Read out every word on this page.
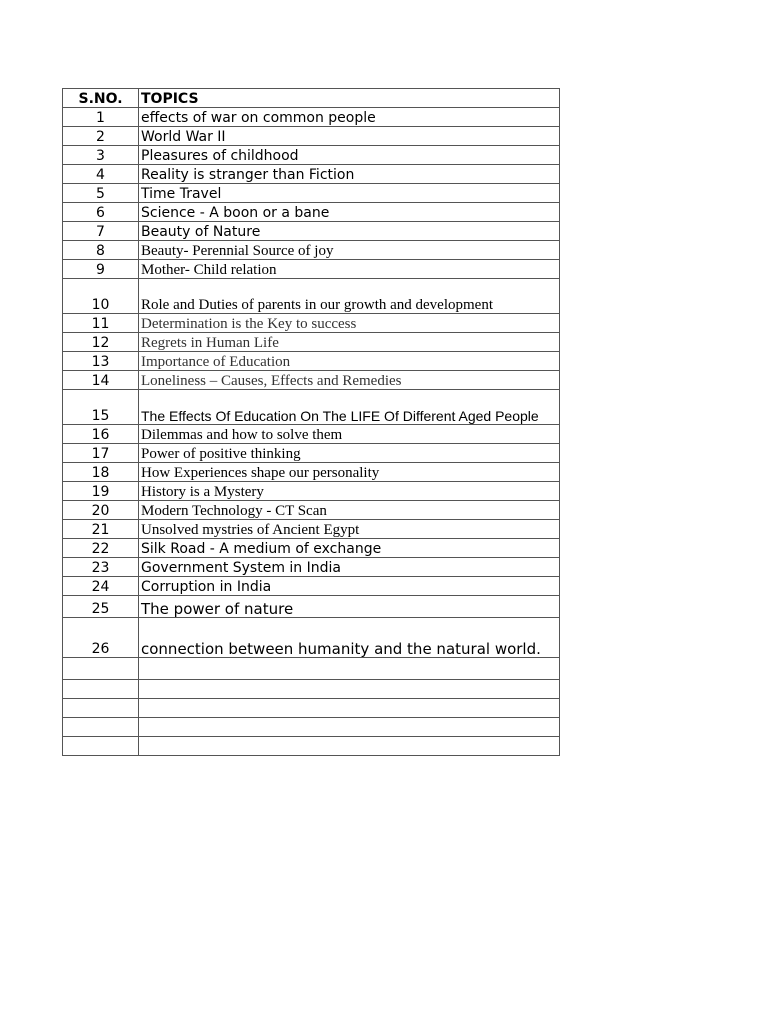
S.NO.	TOPICS
1	effects of war on common people
2	World War II
3	Pleasures of childhood
4	Reality is stranger than Fiction
5	Time Travel
6	Science - A boon or a bane
7	Beauty of Nature
8	Beauty- Perennial Source of joy
9	Mother- Child relation
10	Role and Duties of parents in our growth and development
11	Determination is the Key to success
12	Regrets in Human Life
13	Importance of Education
14	Loneliness – Causes, Effects and Remedies
15	The Effects Of Education On The LIFE Of Different Aged People
16	Dilemmas and how to solve them
17	Power of positive thinking
18	How Experiences shape our personality
19	History is a Mystery
20	Modern Technology - CT Scan
21	Unsolved mystries of Ancient Egypt
22	Silk Road - A medium of exchange
23	Government System in India
24	Corruption in India
25	The power of nature
26	connection between humanity and the natural world.
